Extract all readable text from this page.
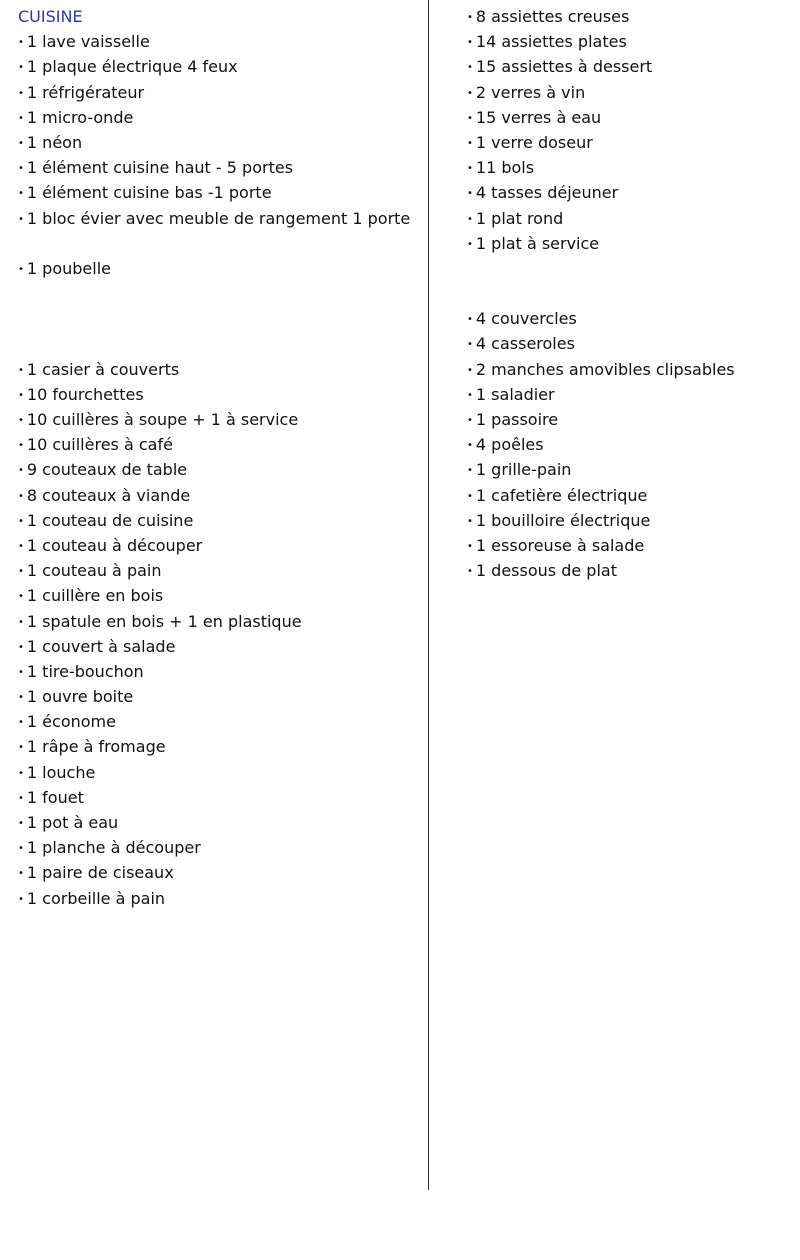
CUISINE
• 1 lave vaisselle
• 1 plaque électrique 4 feux
• 1 réfrigérateur
• 1 micro-onde
• 1 néon
• 1 élément cuisine haut - 5 portes
• 1 élément cuisine bas -1 porte
• 1 bloc évier avec meuble de rangement 1 porte
• 1 poubelle
• 1 casier à couverts
• 10 fourchettes
• 10 cuillères à soupe + 1 à service
• 10 cuillères à café
• 9 couteaux de table
• 8 couteaux à viande
• 1 couteau de cuisine
• 1 couteau à découper
• 1 couteau à pain
• 1 cuillère en bois
• 1 spatule en bois + 1 en plastique
• 1 couvert à salade
• 1 tire-bouchon
• 1 ouvre boite
• 1 économe
• 1 râpe à fromage
• 1 louche
• 1 fouet
• 1 pot à eau
• 1 planche à découper
• 1 paire de ciseaux
• 1 corbeille à pain
• 8 assiettes creuses
• 14 assiettes plates
• 15 assiettes à dessert
• 2 verres à vin
• 15 verres à eau
• 1 verre doseur
• 11 bols
• 4 tasses déjeuner
• 1 plat rond
• 1 plat à service
• 4 couvercles
• 4 casseroles
• 2 manches amovibles clipsables
• 1 saladier
• 1 passoire
• 4 poêles
• 1 grille-pain
• 1 cafetière électrique
• 1 bouilloire électrique
• 1 essoreuse à salade
• 1 dessous de plat
